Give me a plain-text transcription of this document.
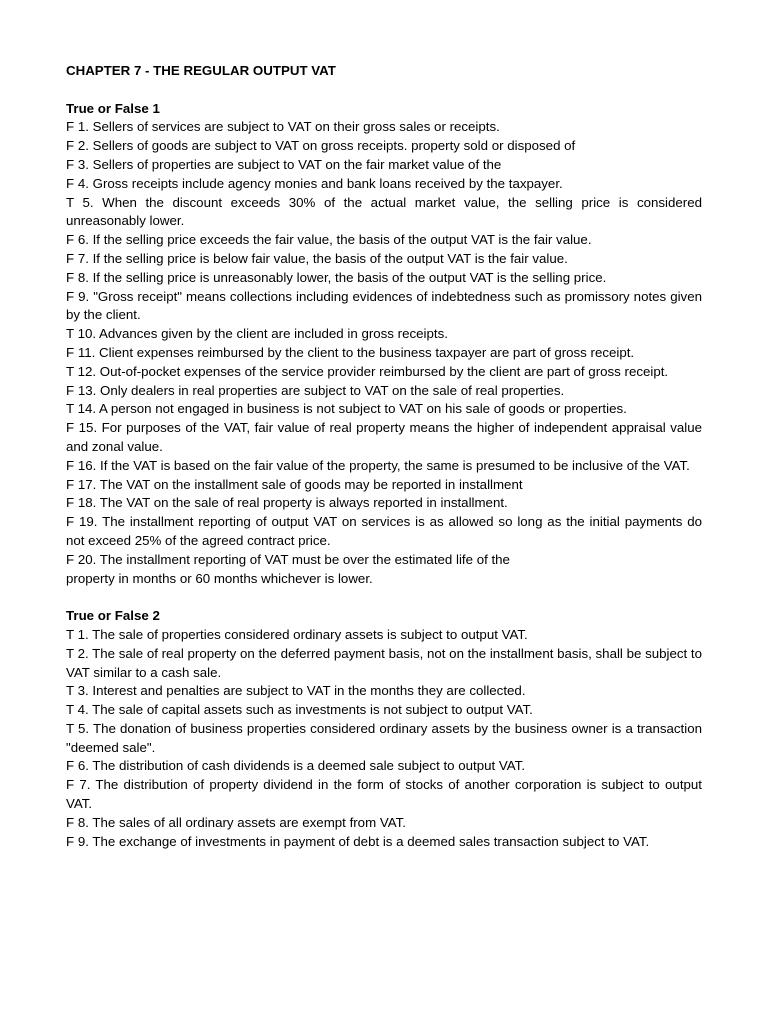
CHAPTER 7 - THE REGULAR OUTPUT VAT

True or False 1

F 1. Sellers of services are subject to VAT on their gross sales or receipts.

F 2. Sellers of goods are subject to VAT on gross receipts. property sold or disposed of

F 3. Sellers of properties are subject to VAT on the fair market value of the

F 4. Gross receipts include agency monies and bank loans received by the taxpayer.

T 5. When the discount exceeds 30% of the actual market value, the selling price is considered unreasonably lower.

F 6. If the selling price exceeds the fair value, the basis of the output VAT is the fair value.

F 7. If the selling price is below fair value, the basis of the output VAT is the fair value.

F 8. If the selling price is unreasonably lower, the basis of the output VAT is the selling price.

F 9. "Gross receipt" means collections including evidences of indebtedness such as promissory notes given by the client.

T 10. Advances given by the client are included in gross receipts.

F 11. Client expenses reimbursed by the client to the business taxpayer are part of gross receipt.

T 12. Out-of-pocket expenses of the service provider reimbursed by the client are part of gross receipt.

F 13. Only dealers in real properties are subject to VAT on the sale of real properties.

T 14. A person not engaged in business is not subject to VAT on his sale of goods or properties.

F 15. For purposes of the VAT, fair value of real property means the higher of independent appraisal value and zonal value.

F 16. If the VAT is based on the fair value of the property, the same is presumed to be inclusive of the VAT.

F 17. The VAT on the installment sale of goods may be reported in installment

F 18. The VAT on the sale of real property is always reported in installment.

F 19. The installment reporting of output VAT on services is as allowed so long as the initial payments do not exceed 25% of the agreed contract price.

F 20. The installment reporting of VAT must be over the estimated life of the

property in months or 60 months whichever is lower.

True or False 2

T 1. The sale of properties considered ordinary assets is subject to output VAT.

T 2. The sale of real property on the deferred payment basis, not on the installment basis, shall be subject to VAT similar to a cash sale.

T 3. Interest and penalties are subject to VAT in the months they are collected.

T 4. The sale of capital assets such as investments is not subject to output VAT.

T 5. The donation of business properties considered ordinary assets by the business owner is a transaction "deemed sale".

F 6. The distribution of cash dividends is a deemed sale subject to output VAT.

F 7. The distribution of property dividend in the form of stocks of another corporation is subject to output VAT.

F 8. The sales of all ordinary assets are exempt from VAT.

F 9. The exchange of investments in payment of debt is a deemed sales transaction subject to VAT.
